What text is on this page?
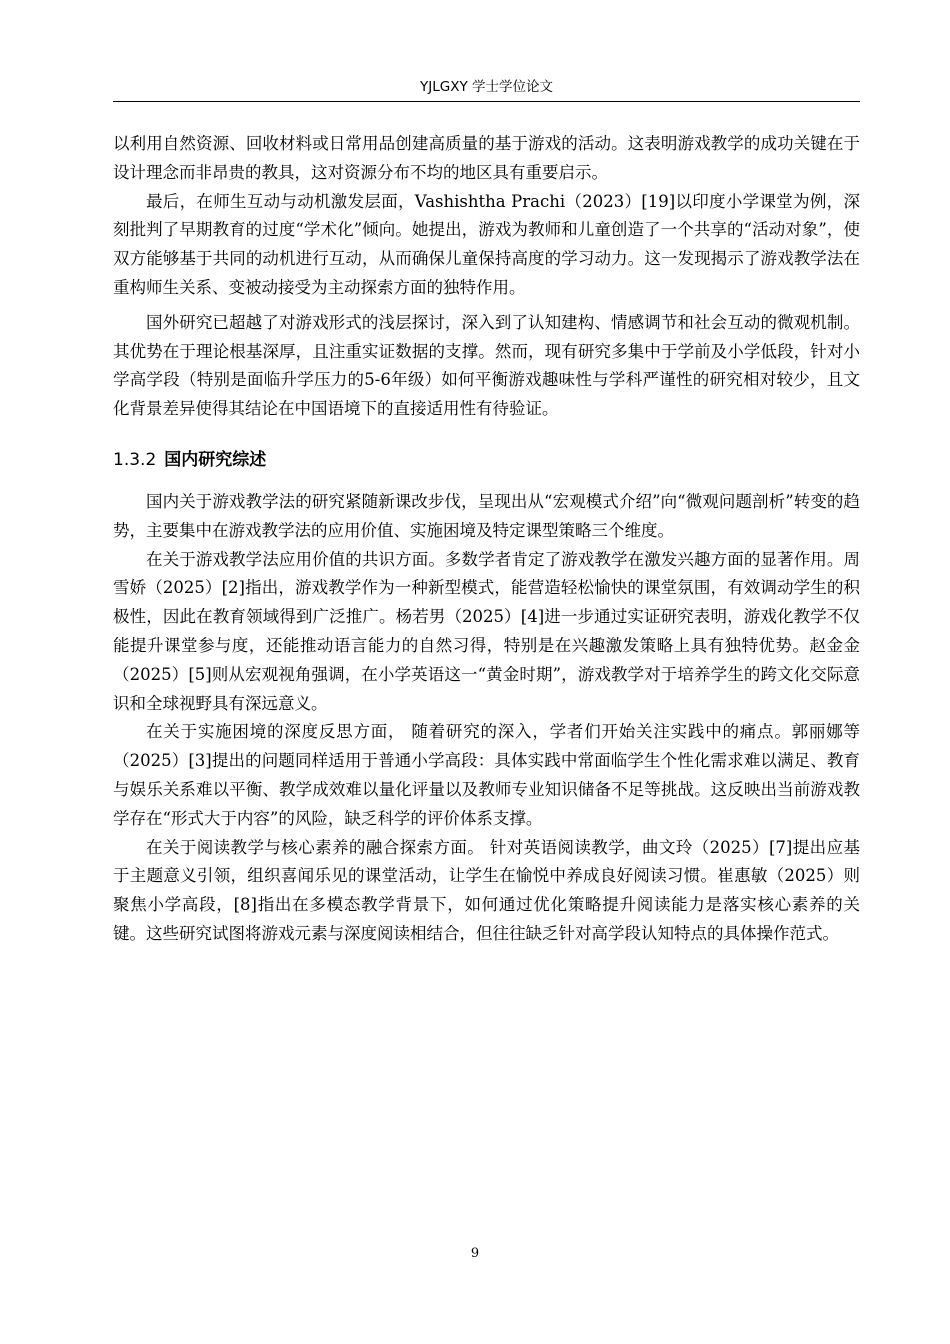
YJLGXY 学士学位论文

以利用自然资源、回收材料或日常用品创建高质量的基于游戏的活动。这表明游戏教学的成功关键在于设计理念而非昂贵的教具，这对资源分布不均的地区具有重要启示。

最后，在师生互动与动机激发层面，Vashishtha Prachi（2023）[19]以印度小学课堂为例，深刻批判了早期教育的过度“学术化”倾向。她提出，游戏为教师和儿童创造了一个共享的“活动对象”，使双方能够基于共同的动机进行互动，从而确保儿童保持高度的学习动力。这一发现揭示了游戏教学法在重构师生关系、变被动接受为主动探索方面的独特作用。

国外研究已超越了对游戏形式的浅层探讨，深入到了认知建构、情感调节和社会互动的微观机制。其优势在于理论根基深厚，且注重实证数据的支撑。然而，现有研究多集中于学前及小学低段，针对小学高学段（特别是面临升学压力的5-6年级）如何平衡游戏趣味性与学科严谨性的研究相对较少，且文化背景差异使得其结论在中国语境下的直接适用性有待验证。

1.3.2 国内研究综述

国内关于游戏教学法的研究紧随新课改步伐，呈现出从“宏观模式介绍”向“微观问题剖析”转变的趋势，主要集中在游戏教学法的应用价值、实施困境及特定课型策略三个维度。

在关于游戏教学法应用价值的共识方面。多数学者肯定了游戏教学在激发兴趣方面的显著作用。周雪娇（2025）[2]指出，游戏教学作为一种新型模式，能营造轻松愉快的课堂氛围，有效调动学生的积极性，因此在教育领域得到广泛推广。杨若男（2025）[4]进一步通过实证研究表明，游戏化教学不仅能提升课堂参与度，还能推动语言能力的自然习得，特别是在兴趣激发策略上具有独特优势。赵金金（2025）[5]则从宏观视角强调，在小学英语这一“黄金时期”，游戏教学对于培养学生的跨文化交际意识和全球视野具有深远意义。

在关于实施困境的深度反思方面， 随着研究的深入，学者们开始关注实践中的痛点。郭丽娜等（2025）[3]提出的问题同样适用于普通小学高段：具体实践中常面临学生个性化需求难以满足、教育与娱乐关系难以平衡、教学成效难以量化评量以及教师专业知识储备不足等挑战。这反映出当前游戏教学存在“形式大于内容”的风险，缺乏科学的评价体系支撑。

在关于阅读教学与核心素养的融合探索方面。 针对英语阅读教学，曲文玲（2025）[7]提出应基于主题意义引领，组织喜闻乐见的课堂活动，让学生在愉悦中养成良好阅读习惯。崔惠敏（2025）则聚焦小学高段，[8]指出在多模态教学背景下，如何通过优化策略提升阅读能力是落实核心素养的关键。这些研究试图将游戏元素与深度阅读相结合，但往往缺乏针对高学段认知特点的具体操作范式。

9
